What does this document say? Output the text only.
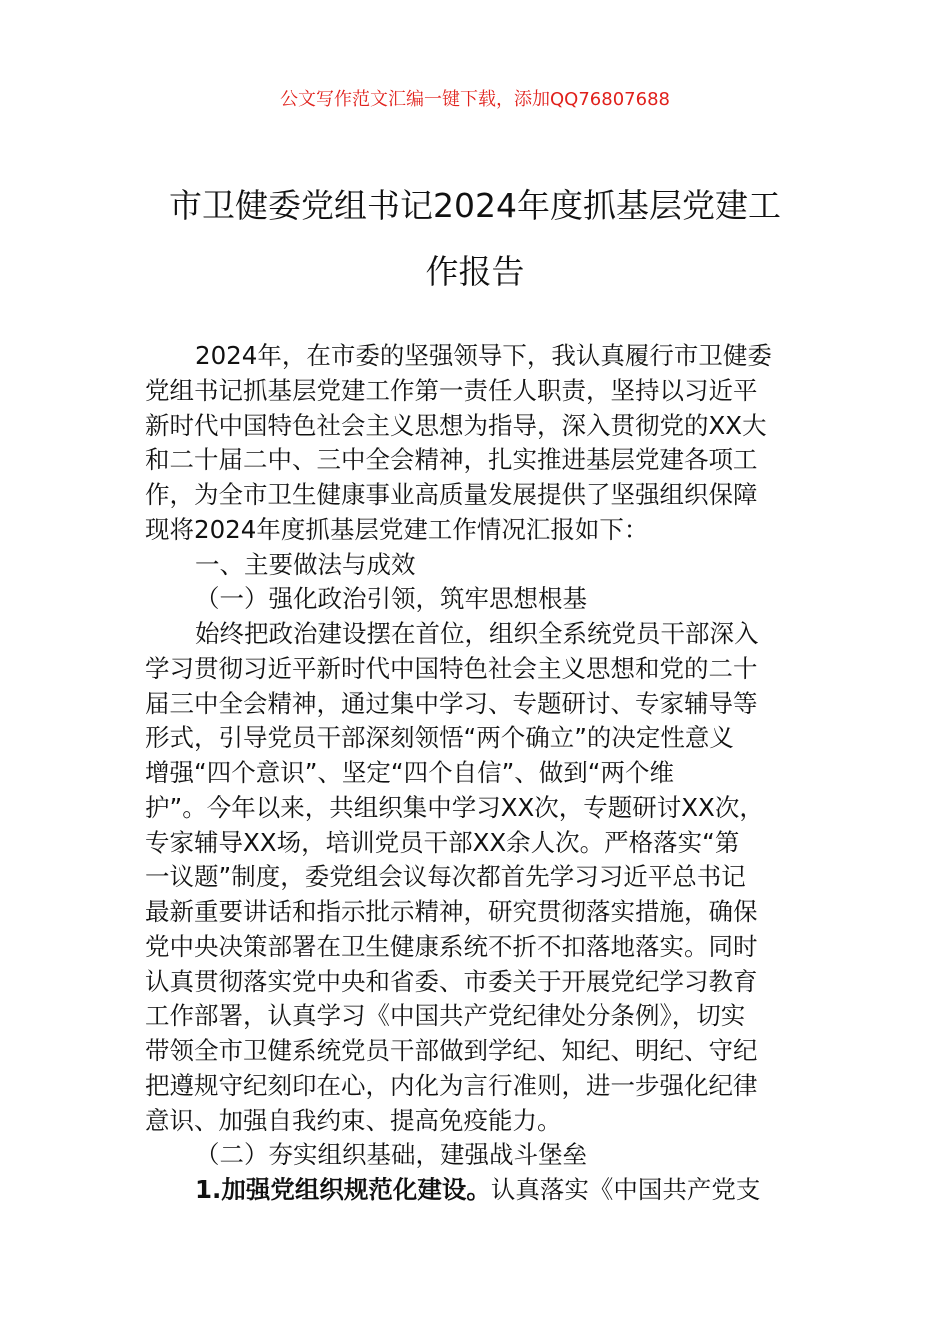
公文写作范文汇编一键下载，添加QQ76807688
市卫健委党组书记2024年度抓基层党建工
作报告
2024年，在市委的坚强领导下，我认真履行市卫健委
党组书记抓基层党建工作第一责任人职责，坚持以习近平
新时代中国特色社会主义思想为指导，深入贯彻党的XX大
和二十届二中、三中全会精神，扎实推进基层党建各项工
作，为全市卫生健康事业高质量发展提供了坚强组织保障
现将2024年度抓基层党建工作情况汇报如下：
一、主要做法与成效
（一）强化政治引领，筑牢思想根基
始终把政治建设摆在首位，组织全系统党员干部深入
学习贯彻习近平新时代中国特色社会主义思想和党的二十
届三中全会精神，通过集中学习、专题研讨、专家辅导等
形式，引导党员干部深刻领悟“两个确立”的决定性意义
增强“四个意识”、坚定“四个自信”、做到“两个维
护”。今年以来，共组织集中学习XX次，专题研讨XX次，
专家辅导XX场，培训党员干部XX余人次。严格落实“第
一议题”制度，委党组会议每次都首先学习习近平总书记
最新重要讲话和指示批示精神，研究贯彻落实措施，确保
党中央决策部署在卫生健康系统不折不扣落地落实。同时
认真贯彻落实党中央和省委、市委关于开展党纪学习教育
工作部署，认真学习《中国共产党纪律处分条例》，切实
带领全市卫健系统党员干部做到学纪、知纪、明纪、守纪
把遵规守纪刻印在心，内化为言行准则，进一步强化纪律
意识、加强自我约束、提高免疫能力。
（二）夯实组织基础，建强战斗堡垒
1.加强党组织规范化建设。认真落实《中国共产党支
